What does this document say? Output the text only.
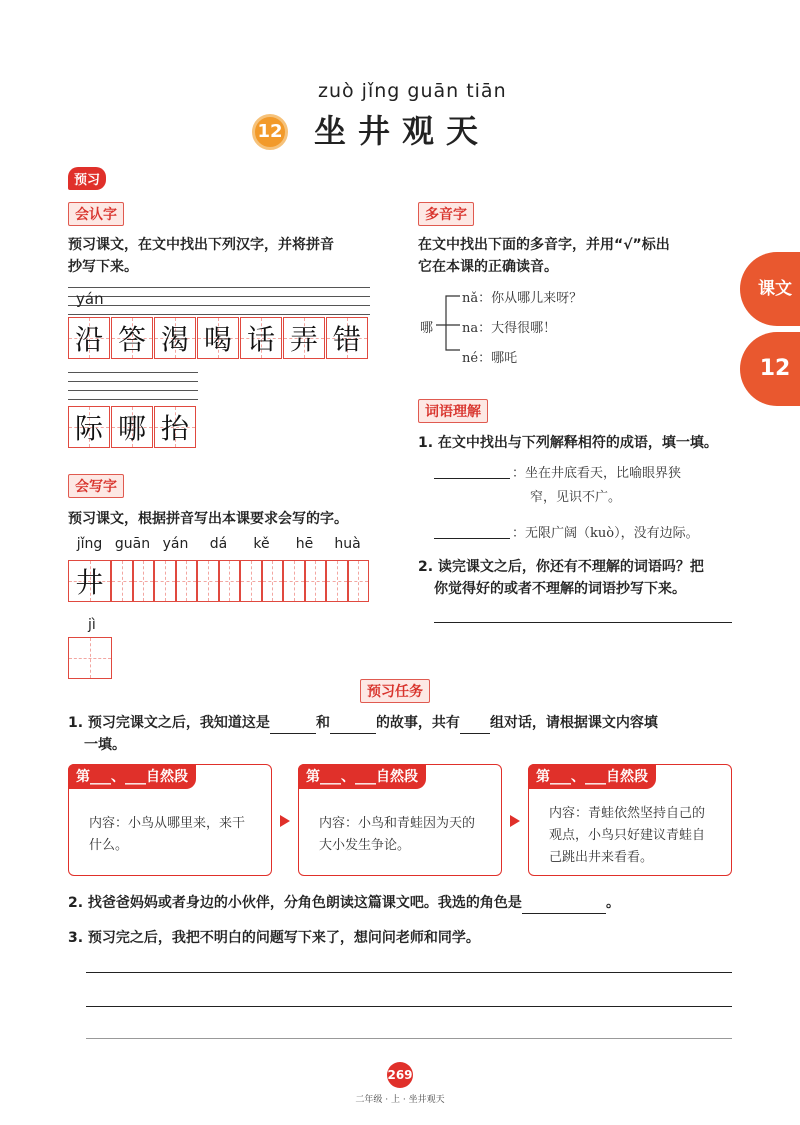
zuò jǐng guān tiān
12 坐井观天
课文
12
预习
会认字
预习课文，在文中找出下列汉字，并将拼音
抄写下来。
yán
沿 答 渴 喝 话 弄 错
际 哪 抬
会写字
预习课文，根据拼音写出本课要求会写的字。
jǐng guān yán	dá	kě	hē	huà
井
jì
多音字
在文中找出下面的多音字，并用“√”标出
它在本课的正确读音。
哪
nǎ：你从哪儿来呀？
na：大得很哪！
né：哪吒
词语理解
1. 在文中找出与下列解释相符的成语，填一填。
：坐在井底看天，比喻眼界狭
窄，见识不广。
：无限广阔（kuò），没有边际。
2. 读完课文之后，你还有不理解的词语吗？把
你觉得好的或者不理解的词语抄写下来。
预习任务
1. 预习完课文之后，我知道这是	和	的故事，共有 组对话，请根据课文内容填
一填。
第___、___自然段
内容：小鸟从哪里来，来干什么。
第___、___自然段
内容：小鸟和青蛙因为天的大小发生争论。
第___、___自然段
内容：青蛙依然坚持自己的观点，小鸟只好建议青蛙自己跳出井来看看。
2. 找爸爸妈妈或者身边的小伙伴，分角色朗读这篇课文吧。我选的角色是	。
3. 预习完之后，我把不明白的问题写下来了，想问问老师和同学。
269
二年级 · 上 · 坐井观天
